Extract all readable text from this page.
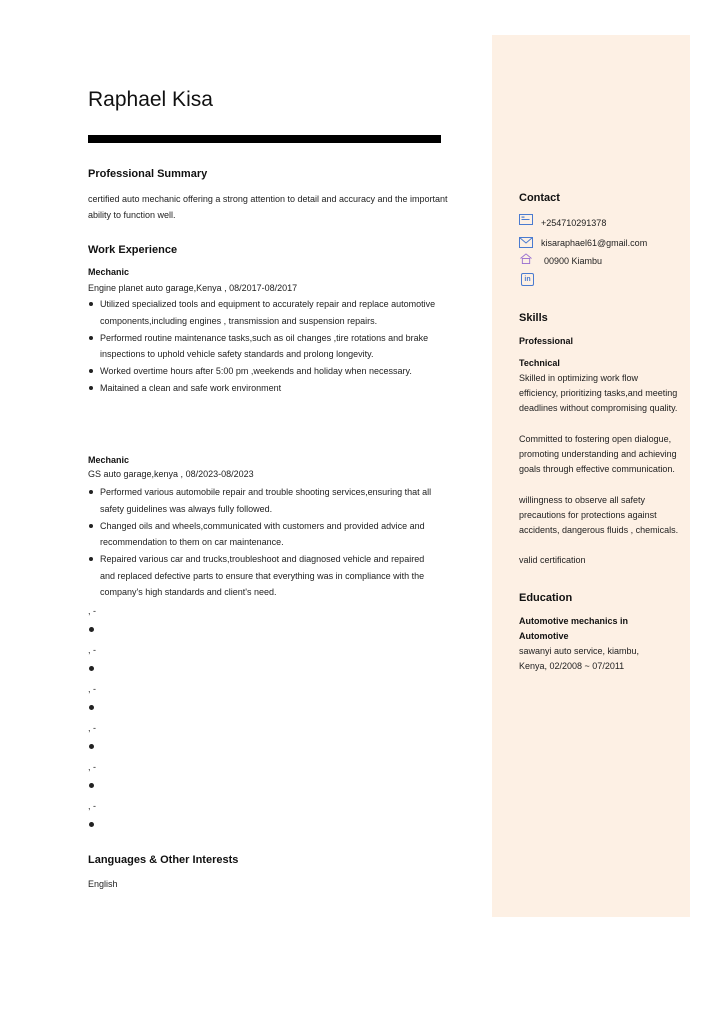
Raphael Kisa
Professional Summary
certified auto mechanic offering a strong attention to detail and accuracy and the important ability to function well.
Work Experience
Mechanic
Engine planet auto garage,Kenya , 08/2017-08/2017
Utilized specialized tools and equipment to accurately repair and replace automotive components,including engines , transmission and suspension repairs.
Performed routine maintenance tasks,such as oil changes ,tire rotations and brake inspections to uphold vehicle safety standards and prolong longevity.
Worked overtime hours after 5:00 pm ,weekends and holiday when necessary.
Maitained a clean and safe work environment
Mechanic
GS auto garage,kenya , 08/2023-08/2023
Performed various automobile repair and trouble shooting services,ensuring that all safety guidelines was always fully followed.
Changed oils and wheels,communicated with customers and provided advice and recommendation to them on car maintenance.
Repaired various car and trucks,troubleshoot and diagnosed vehicle and repaired and replaced defective parts to ensure that everything was in compliance with the company's high standards and client's need.
, -
, -
, -
, -
, -
, -
Languages & Other Interests
English
Contact
+254710291378
kisaraphael61@gmail.com
00900 Kiambu
in
Skills
Professional
Technical
Skilled in optimizing work flow efficiency, prioritizing tasks,and meeting deadlines without compromising quality.
Committed to fostering open dialogue, promoting understanding and achieving goals through effective communication.
willingness to observe all safety precautions for protections against accidents, dangerous fluids , chemicals.
valid certification
Education
Automotive mechanics in Automotive
sawanyi auto service, kiambu, Kenya, 02/2008 ~ 07/2011
